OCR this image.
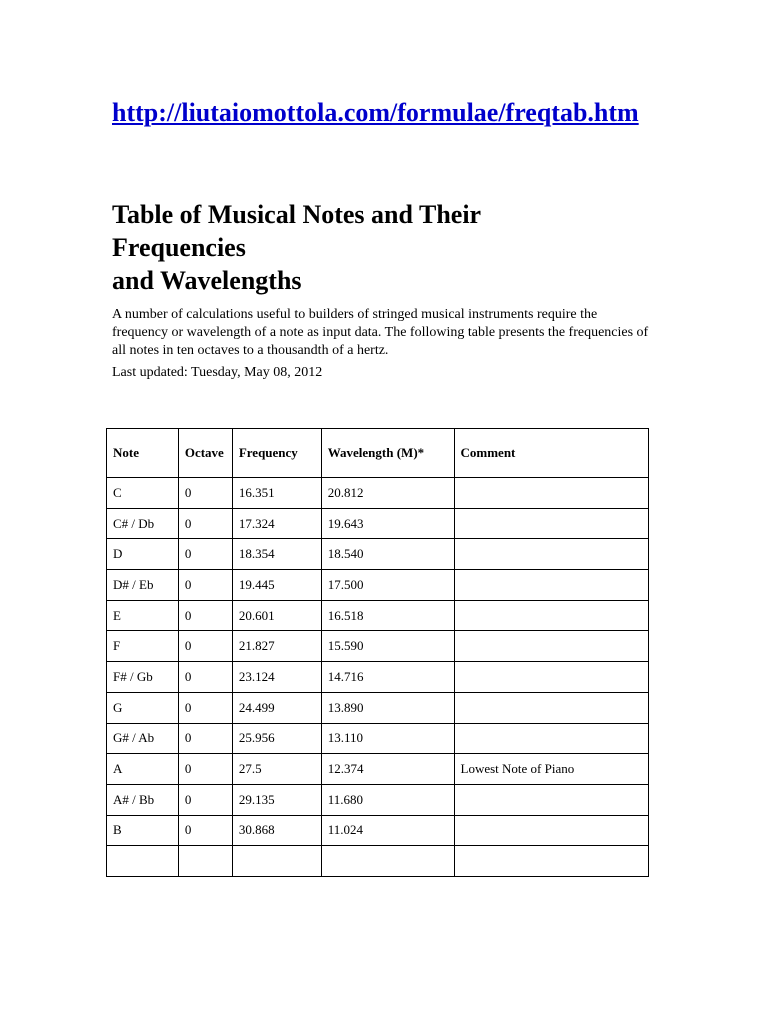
http://liutaiomottola.com/formulae/freqtab.htm
Table of Musical Notes and Their
Frequencies
and Wavelengths

A number of calculations useful to builders of stringed musical instruments require the frequency or wavelength of a note as input data. The following table presents the frequencies of all notes in ten octaves to a thousandth of a hertz.

Last updated: Tuesday, May 08, 2012

Note	Octave	Frequency	Wavelength (M)*	Comment
C	0	16.351	20.812	
C# / Db	0	17.324	19.643	
D	0	18.354	18.540	
D# / Eb	0	19.445	17.500	
E	0	20.601	16.518	
F	0	21.827	15.590	
F# / Gb	0	23.124	14.716	
G	0	24.499	13.890	
G# / Ab	0	25.956	13.110	
A	0	27.5	12.374	Lowest Note of Piano
A# / Bb	0	29.135	11.680	
B	0	30.868	11.024	
